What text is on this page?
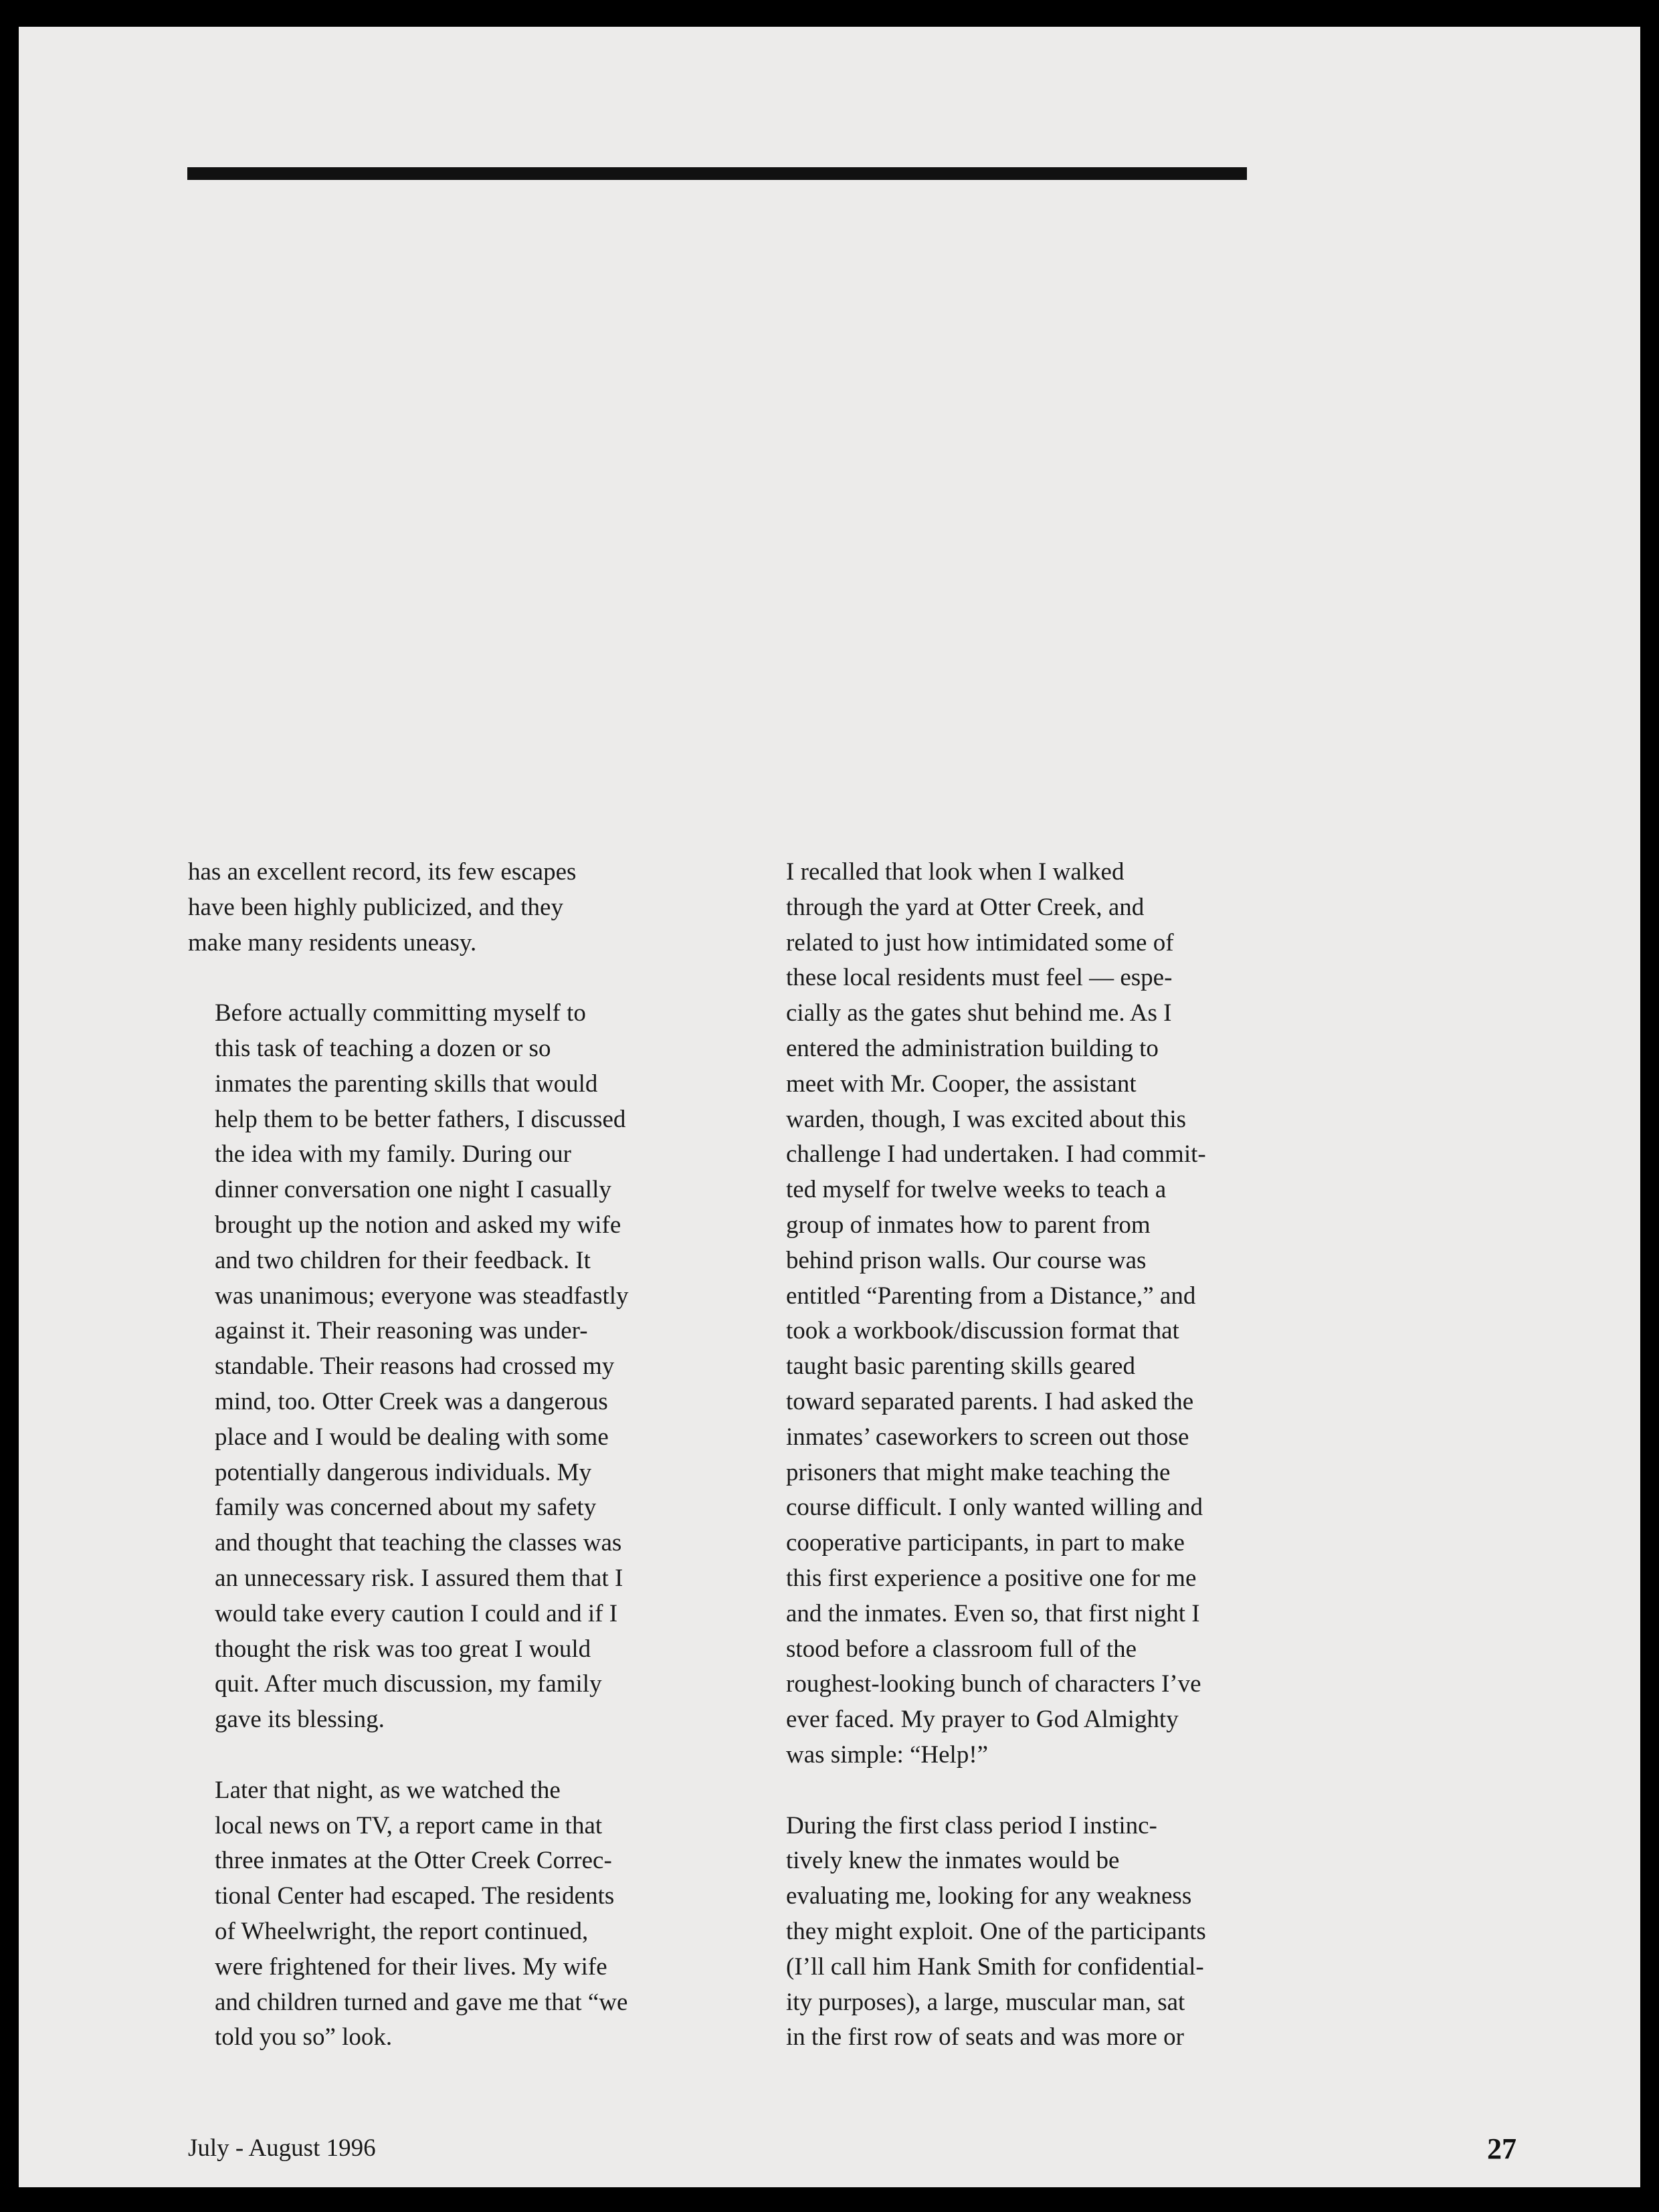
has an excellent record, its few escapes
have been highly publicized, and they
make many residents uneasy.

Before actually committing myself to
this task of teaching a dozen or so
inmates the parenting skills that would
help them to be better fathers, I discussed
the idea with my family. During our
dinner conversation one night I casually
brought up the notion and asked my wife
and two children for their feedback. It
was unanimous; everyone was steadfastly
against it. Their reasoning was under-
standable. Their reasons had crossed my
mind, too. Otter Creek was a dangerous
place and I would be dealing with some
potentially dangerous individuals. My
family was concerned about my safety
and thought that teaching the classes was
an unnecessary risk. I assured them that I
would take every caution I could and if I
thought the risk was too great I would
quit. After much discussion, my family
gave its blessing.

Later that night, as we watched the
local news on TV, a report came in that
three inmates at the Otter Creek Correc-
tional Center had escaped. The residents
of Wheelwright, the report continued,
were frightened for their lives. My wife
and children turned and gave me that “we
told you so” look.

I recalled that look when I walked
through the yard at Otter Creek, and
related to just how intimidated some of
these local residents must feel — espe-
cially as the gates shut behind me. As I
entered the administration building to
meet with Mr. Cooper, the assistant
warden, though, I was excited about this
challenge I had undertaken. I had commit-
ted myself for twelve weeks to teach a
group of inmates how to parent from
behind prison walls. Our course was
entitled “Parenting from a Distance,” and
took a workbook/discussion format that
taught basic parenting skills geared
toward separated parents. I had asked the
inmates’ caseworkers to screen out those
prisoners that might make teaching the
course difficult. I only wanted willing and
cooperative participants, in part to make
this first experience a positive one for me
and the inmates. Even so, that first night I
stood before a classroom full of the
roughest-looking bunch of characters I’ve
ever faced. My prayer to God Almighty
was simple: “Help!”

During the first class period I instinc-
tively knew the inmates would be
evaluating me, looking for any weakness
they might exploit. One of the participants
(I’ll call him Hank Smith for confidential-
ity purposes), a large, muscular man, sat
in the first row of seats and was more or

July - August 1996	27
